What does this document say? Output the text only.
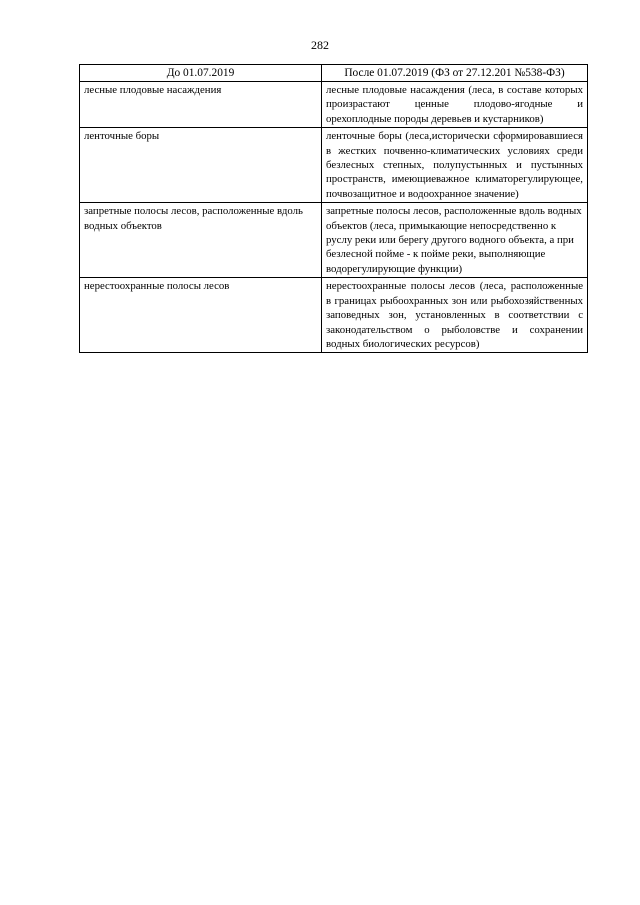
282
До 01.07.2019	После 01.07.2019 (ФЗ от 27.12.201 №538-ФЗ)
лесные плодовые насаждения	лесные плодовые насаждения (леса, в составе которых произрастают ценные плодово-ягодные и орехоплодные породы деревьев и кустарников)
ленточные боры	ленточные боры (леса,исторически сформировавшиеся в жестких почвенно-климатических условиях среди безлесных степных, полупустынных и пустынных пространств, имеющиеважное климаторегулирующее, почвозащитное и водоохранное значение)
запретные полосы лесов, расположенные вдоль водных объектов	запретные полосы лесов, расположенные вдоль водных объектов (леса, примыкающие непосредственно к руслу реки или берегу другого водного объекта, а при безлесной пойме - к пойме реки, выполняющие водорегулирующие функции)
нерестоохранные полосы лесов	нерестоохранные полосы лесов (леса, расположенные в границах рыбоохранных зон или рыбохозяйственных заповедных зон, установленных в соответствии с законодательством о рыболовстве и сохранении водных биологических ресурсов)
